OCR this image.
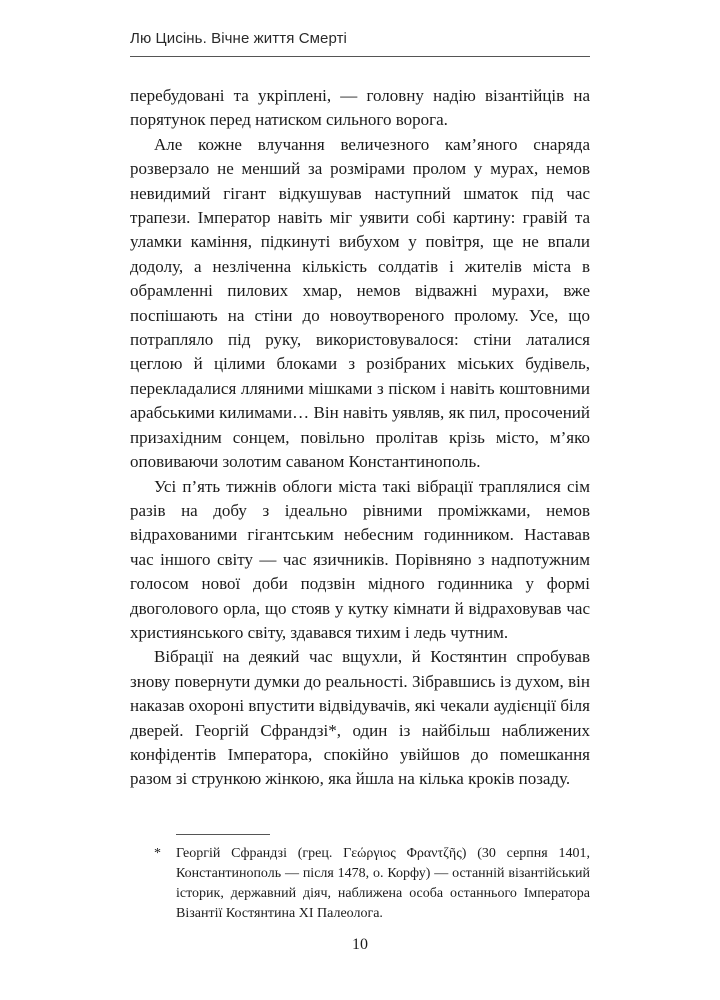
Лю Цисінь. Вічне життя Смерті

перебудовані та укріплені, — головну надію візантійців на порятунок перед натиском сильного ворога.

Але кожне влучання величезного кам’яного снаряда розверзало не менший за розмірами пролом у мурах, немов невидимий гігант відкушував наступний шматок під час трапези. Імператор навіть міг уявити собі картину: гравій та уламки каміння, підкинуті вибухом у повітря, ще не впали додолу, а незліченна кількість солдатів і жителів міста в обрамленні пилових хмар, немов відважні мурахи, вже поспішають на стіни до новоутвореного пролому. Усе, що потрапляло під руку, використовувалося: стіни латалися цеглою й цілими блоками з розібраних міських будівель, перекладалися лляними мішками з піском і навіть коштовними арабськими килимами… Він навіть уявляв, як пил, просочений призахідним сонцем, повільно пролітав крізь місто, м’яко оповиваючи золотим саваном Константинополь.

Усі п’ять тижнів облоги міста такі вібрації траплялися сім разів на добу з ідеально рівними проміжками, немов відрахованими гігантським небесним годинником. Наставав час іншого світу — час язичників. Порівняно з надпотужним голосом нової доби подзвін мідного годинника у формі двоголового орла, що стояв у кутку кімнати й відраховував час християнського світу, здавався тихим і ледь чутним.

Вібрації на деякий час вщухли, й Костянтин спробував знову повернути думки до реальності. Зібравшись із духом, він наказав охороні впустити відвідувачів, які чекали аудієнції біля дверей. Георгій Сфрандзі*, один із найбільш наближених конфідентів Імператора, спокійно увійшов до помешкання разом зі стрункою жінкою, яка йшла на кілька кроків позаду.

* Георгій Сфрандзі (грец. Γεώργιος Φραντζῆς) (30 серпня 1401, Константинополь — після 1478, о. Корфу) — останній візантійський історик, державний діяч, наближена особа останнього Імператора Візантії Костянтина XI Палеолога.
10
